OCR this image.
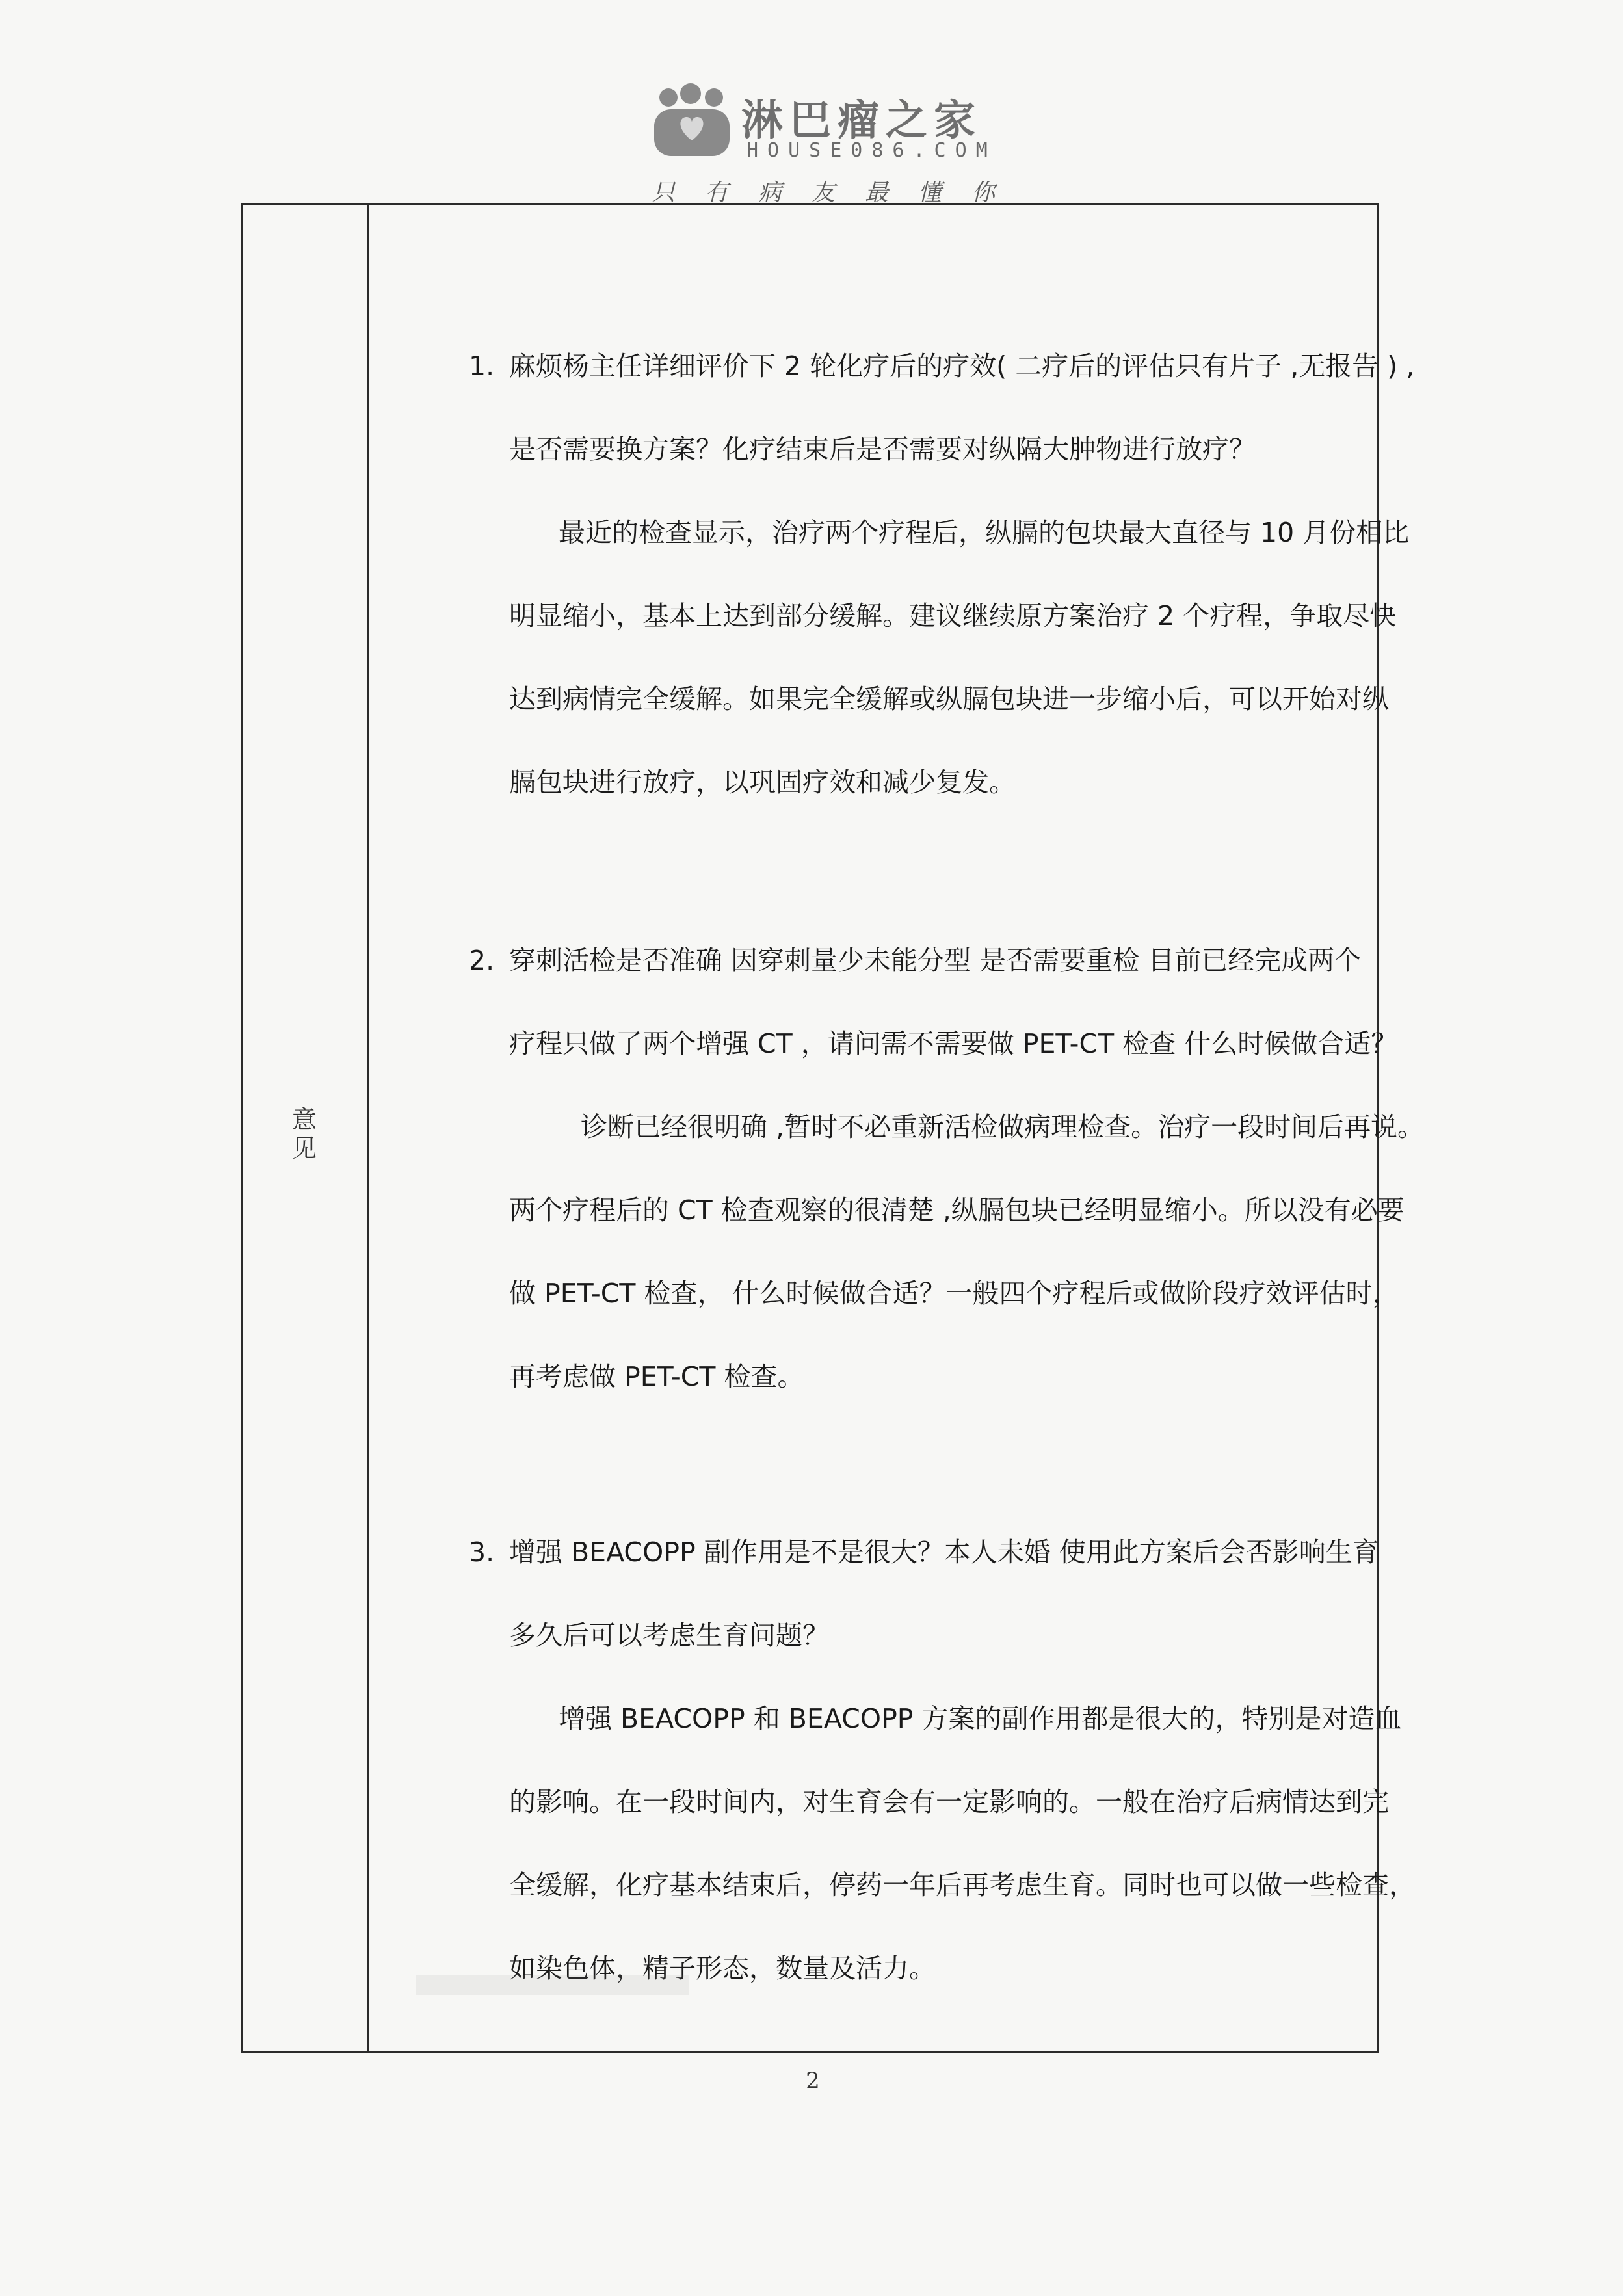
淋巴瘤之家
HOUSE086.COM
只有病友最懂你
意见
1. 麻烦杨主任详细评价下 2 轮化疗后的疗效( 二疗后的评估只有片子 ,无报告 ) ,
是否需要换方案？化疗结束后是否需要对纵隔大肿物进行放疗？
最近的检查显示，治疗两个疗程后，纵膈的包块最大直径与 10 月份相比
明显缩小，基本上达到部分缓解。建议继续原方案治疗 2 个疗程，争取尽快
达到病情完全缓解。如果完全缓解或纵膈包块进一步缩小后，可以开始对纵
膈包块进行放疗，以巩固疗效和减少复发。
2. 穿刺活检是否准确 因穿刺量少未能分型 是否需要重检 目前已经完成两个
疗程只做了两个增强 CT ，请问需不需要做 PET-CT 检查 什么时候做合适？
诊断已经很明确 ,暂时不必重新活检做病理检查。治疗一段时间后再说。
两个疗程后的 CT 检查观察的很清楚 ,纵膈包块已经明显缩小。所以没有必要
做 PET-CT 检查， 什么时候做合适？一般四个疗程后或做阶段疗效评估时，
再考虑做 PET-CT 检查。
3. 增强 BEACOPP 副作用是不是很大？本人未婚 使用此方案后会否影响生育
多久后可以考虑生育问题？
增强 BEACOPP 和 BEACOPP 方案的副作用都是很大的，特别是对造血
的影响。在一段时间内，对生育会有一定影响的。一般在治疗后病情达到完
全缓解，化疗基本结束后，停药一年后再考虑生育。同时也可以做一些检查，
如染色体，精子形态，数量及活力。
2
